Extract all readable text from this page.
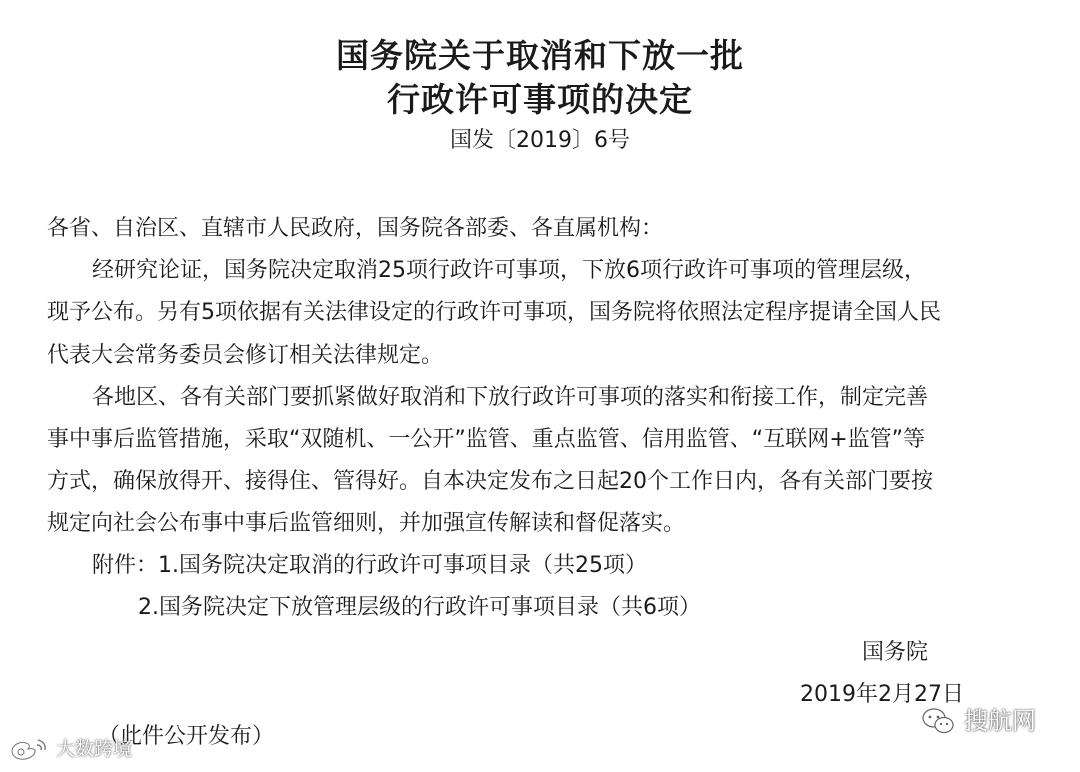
国务院关于取消和下放一批
行政许可事项的决定
国发〔2019〕6号
各省、自治区、直辖市人民政府，国务院各部委、各直属机构：
经研究论证，国务院决定取消25项行政许可事项，下放6项行政许可事项的管理层级，
现予公布。另有5项依据有关法律设定的行政许可事项，国务院将依照法定程序提请全国人民
代表大会常务委员会修订相关法律规定。
各地区、各有关部门要抓紧做好取消和下放行政许可事项的落实和衔接工作，制定完善
事中事后监管措施，采取“双随机、一公开”监管、重点监管、信用监管、“互联网+监管”等
方式，确保放得开、接得住、管得好。自本决定发布之日起20个工作日内，各有关部门要按
规定向社会公布事中事后监管细则，并加强宣传解读和督促落实。
附件：1.国务院决定取消的行政许可事项目录（共25项）
2.国务院决定下放管理层级的行政许可事项目录（共6项）
国务院
2019年2月27日
（此件公开发布）
大数跨境
搜航网
